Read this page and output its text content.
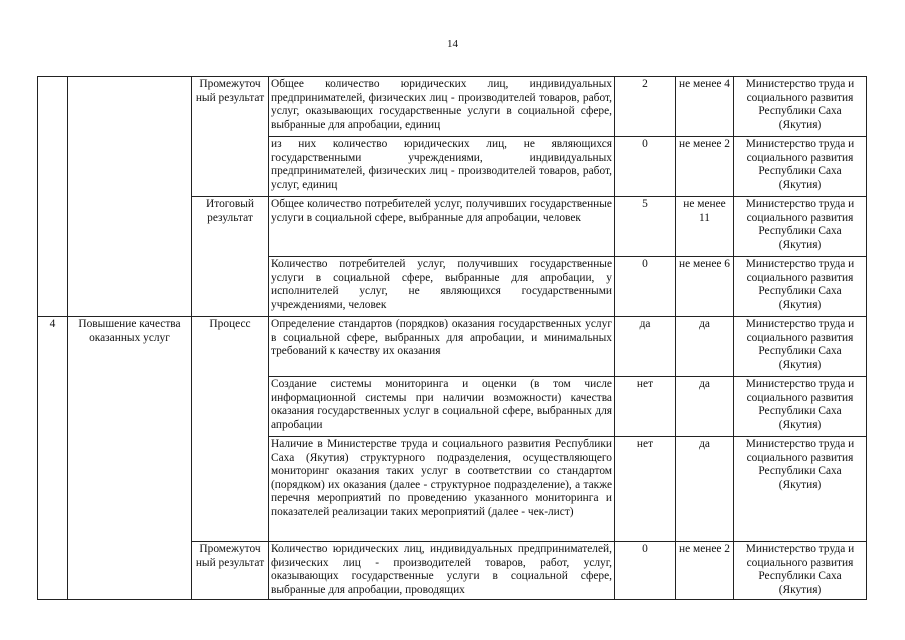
14
		Промежуточ ный результат	Общее количество юридических лиц, индивидуальных предпринимателей, физических лиц - производителей товаров, работ, услуг, оказывающих государственные услуги в социальной сфере, выбранные для апробации, единиц	2	не менее 4	Министерство труда и социального развития Республики Саха (Якутия)
			из них количество юридических лиц, не являющихся государственными учреждениями, индивидуальных предпринимателей, физических лиц - производителей товаров, работ, услуг, единиц	0	не менее 2	Министерство труда и социального развития Республики Саха (Якутия)
		Итоговый результат	Общее количество потребителей услуг, получивших государственные услуги в социальной сфере, выбранные для апробации, человек	5	не менее 11	Министерство труда и социального развития Республики Саха (Якутия)
			Количество потребителей услуг, получивших государственные услуги в социальной сфере, выбранные для апробации, у исполнителей услуг, не являющихся государственными учреждениями, человек	0	не менее 6	Министерство труда и социального развития Республики Саха (Якутия)
4	Повышение качества оказанных услуг	Процесс	Определение стандартов (порядков) оказания государственных услуг в социальной сфере, выбранных для апробации, и минимальных требований к качеству их оказания	да	да	Министерство труда и социального развития Республики Саха (Якутия)
			Создание системы мониторинга и оценки (в том числе информационной системы при наличии возможности) качества оказания государственных услуг в социальной сфере, выбранных для апробации	нет	да	Министерство труда и социального развития Республики Саха (Якутия)
			Наличие в Министерстве труда и социального развития Республики Саха (Якутия) структурного подразделения, осуществляющего мониторинг оказания таких услуг в соответствии со стандартом (порядком) их оказания (далее - структурное подразделение), а также перечня мероприятий по проведению указанного мониторинга и показателей реализации таких мероприятий (далее - чек-лист)	нет	да	Министерство труда и социального развития Республики Саха (Якутия)
		Промежуточ ный результат	Количество юридических лиц, индивидуальных предпринимателей, физических лиц - производителей товаров, работ, услуг, оказывающих государственные услуги в социальной сфере, выбранные для апробации, проводящих	0	не менее 2	Министерство труда и социального развития Республики Саха (Якутия)
